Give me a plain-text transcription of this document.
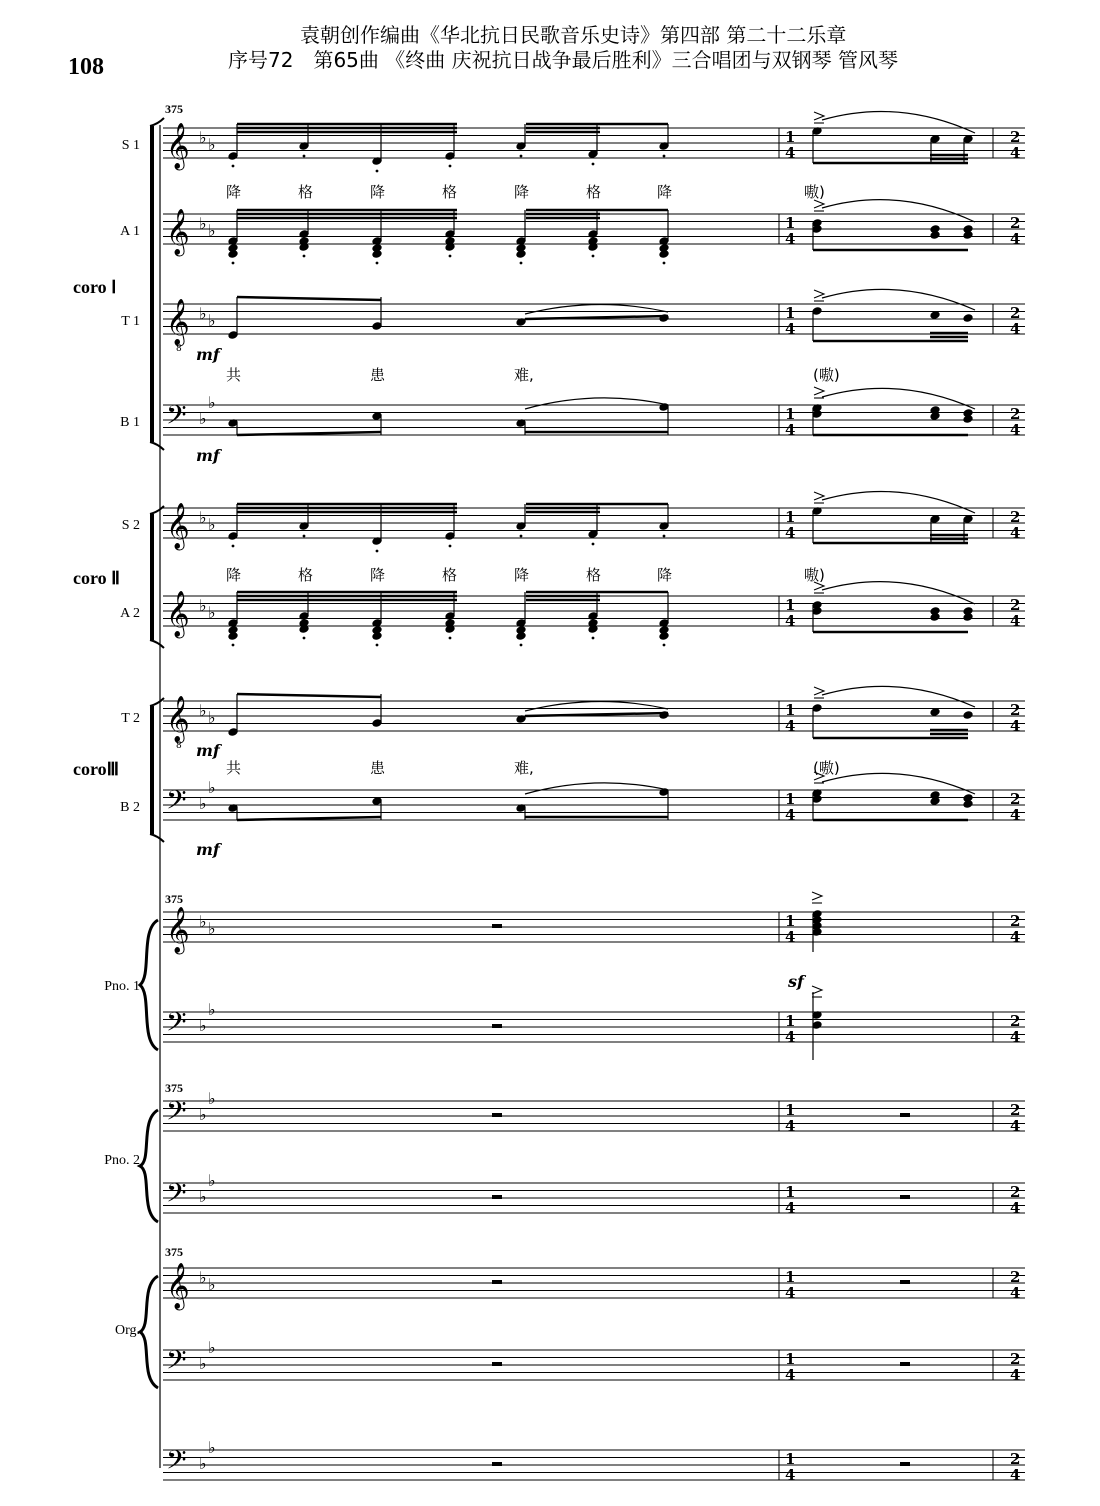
108
袁朝创作编曲《华北抗日民歌音乐史诗》第四部 第二十二乐章
序号72　第65曲 《终曲 庆祝抗日战争最后胜利》三合唱团与双钢琴 管风琴
375
375
375
375
coro Ⅰ
coro Ⅱ
coroⅢ
𝄞 ♭ ♭	1
4
2
4
S 1
𝄞 ♭ ♭	1
4
2
4
A 1
𝄞
8
♭ ♭	1
4
2
4
T 1
𝄢 ♭
♭
1
4
2
4
B 1
𝄞 ♭ ♭	1
4
2
4
S 2
𝄞 ♭ ♭	1
4
2
4
A 2
𝄞
8
♭ ♭	1
4
2
4
T 2
𝄢 ♭
♭
1
4
2
4
B 2
𝄞 ♭ ♭	1
4
2
4
Pno. 1
𝄢 ♭
♭
1
4
2
4
𝄢 ♭
♭
1
4
2
4
Pno. 2
𝄢 ♭
♭
1
4
2
4
𝄞 ♭ ♭	1
4
2
4
Org.
𝄢 ♭
♭
1
4
2
4
𝄢 ♭
♭
1
4
2
4
降	格	降	格	降	格	降	嗷)
共	患	难,	(嗷)
降	格	降	格	降	格	降	嗷)
共	患	难,	(嗷)
mf
mf
mf
mf
sf
